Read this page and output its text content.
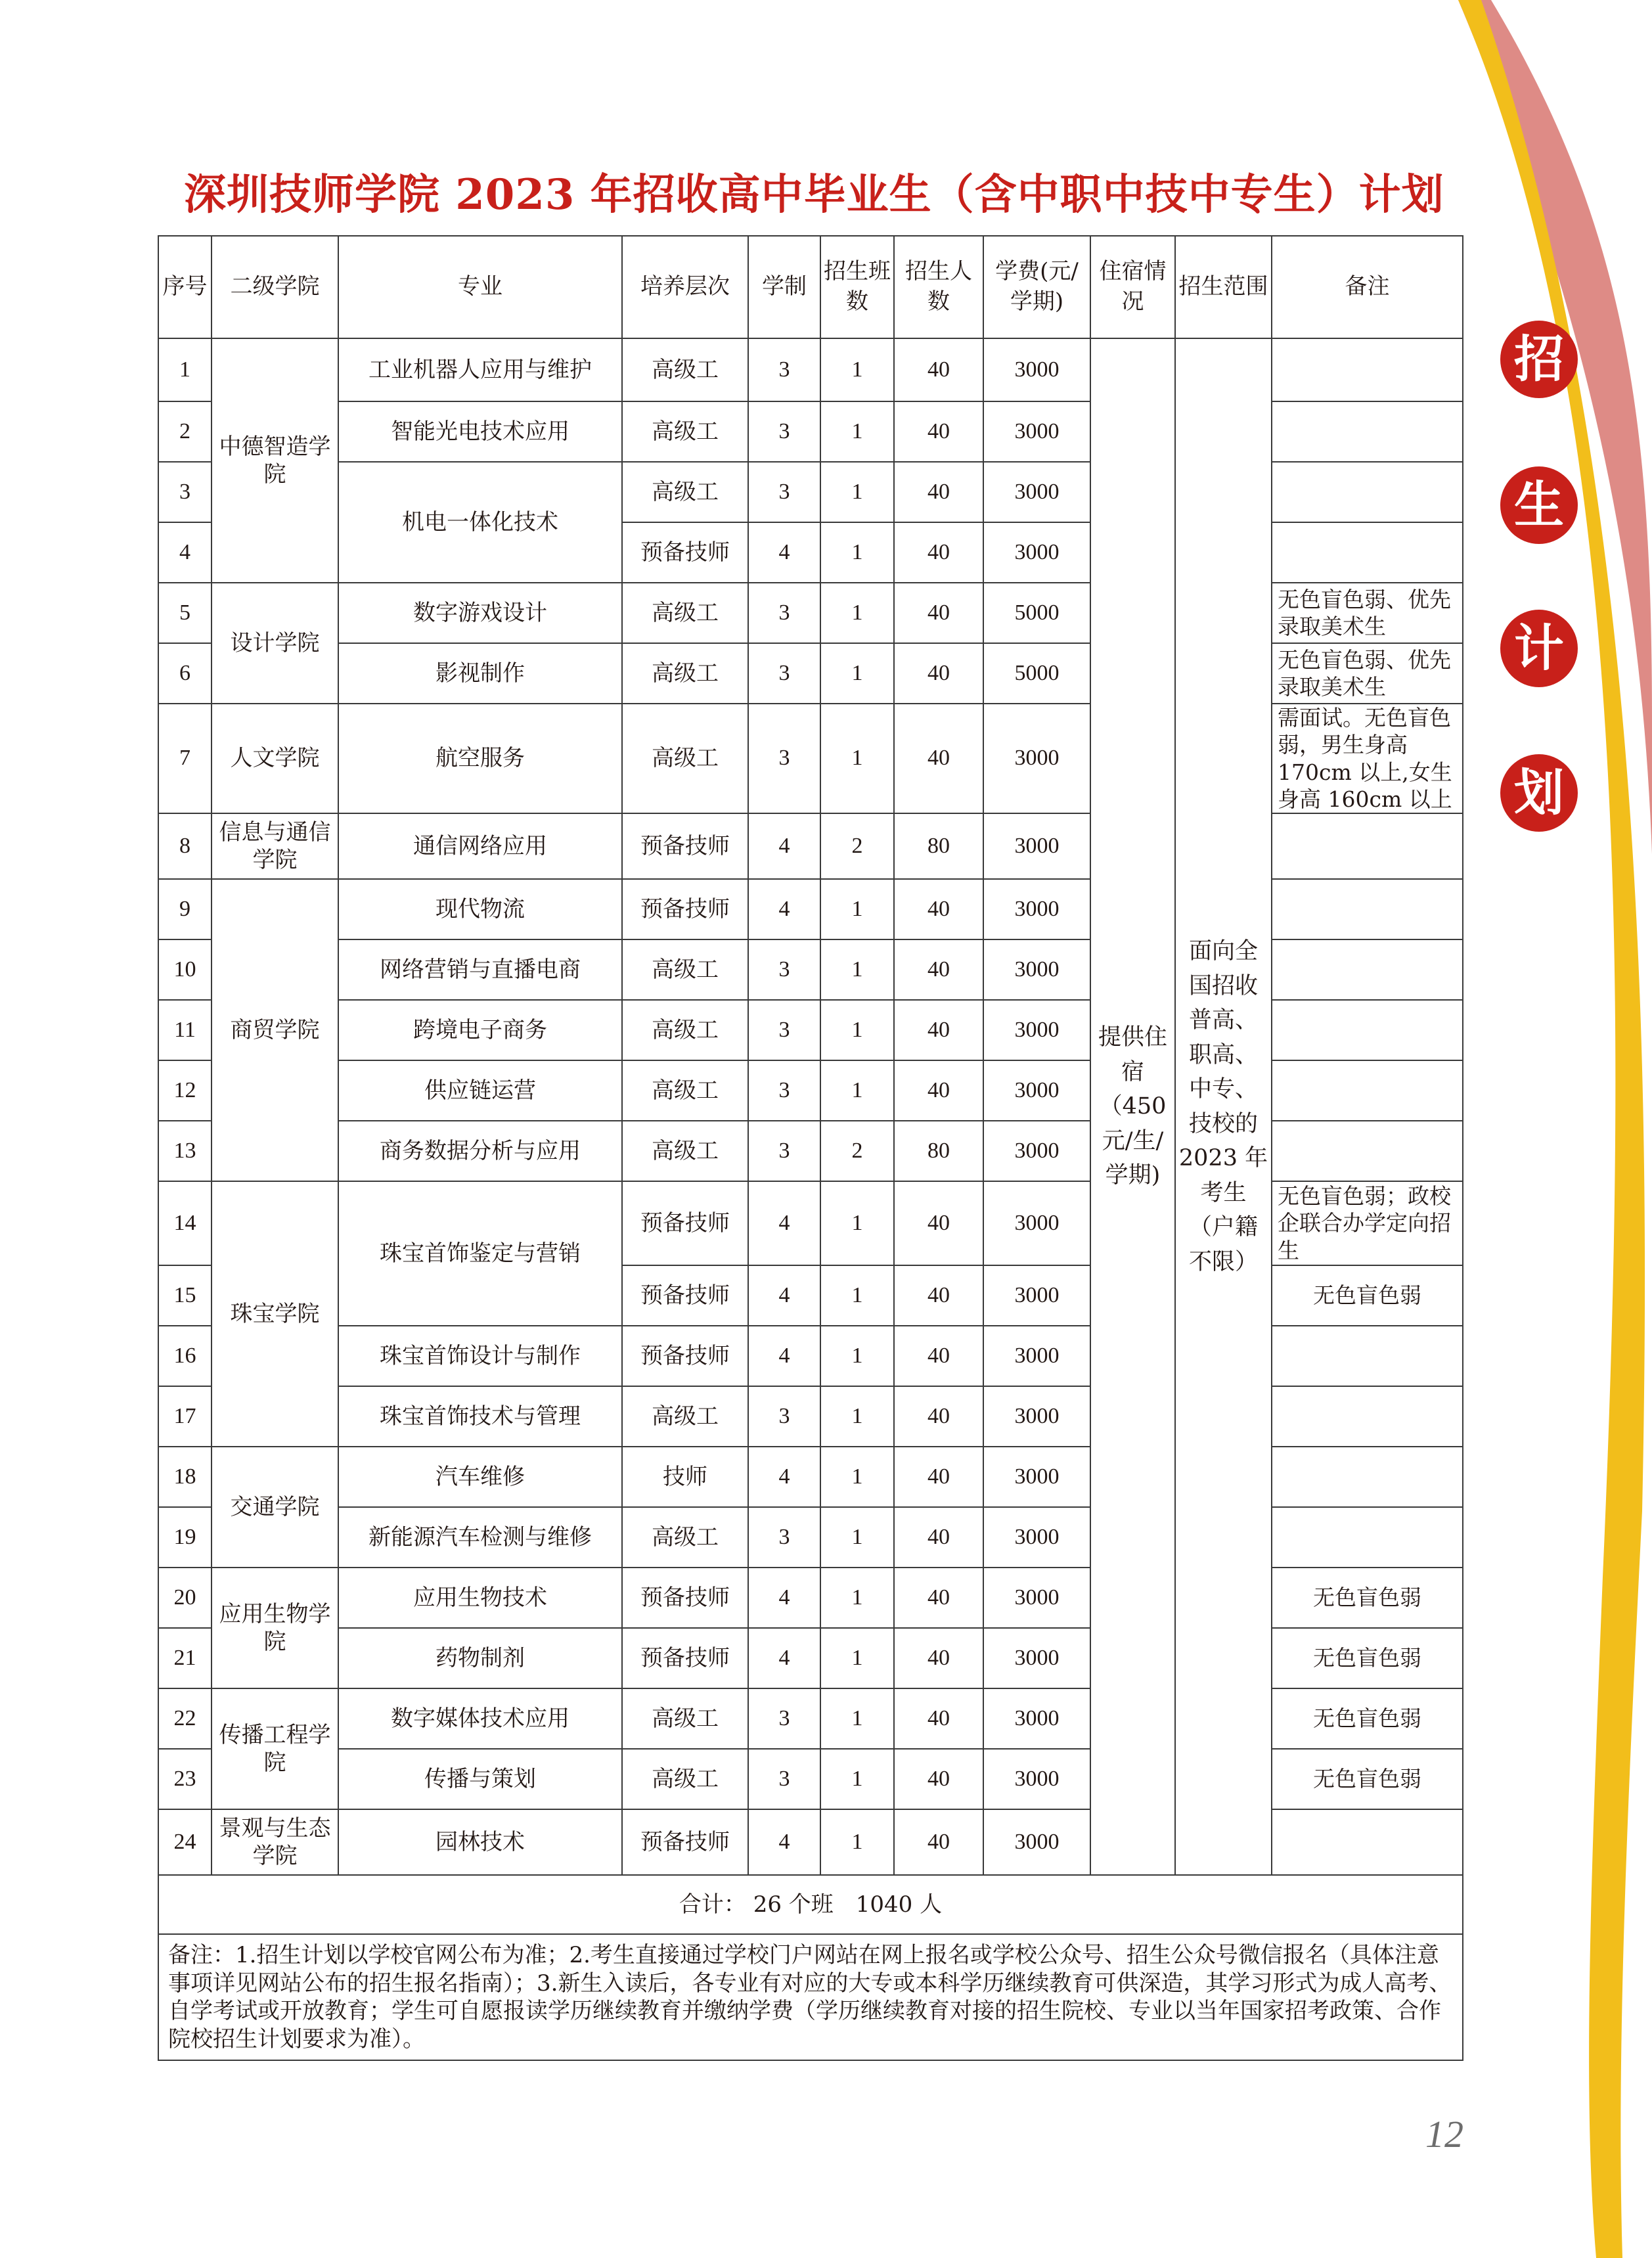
招
生
计
划
深圳技师学院 2023 年招收高中毕业生（含中职中技中专生）计划
序号	二级学院	专业	培养层次	学制	招生班数	招生人数	学费(元/学期)	住宿情况	招生范围	备注
1	中德智造学院	工业机器人应用与维护	高级工	3	1	40	3000	提供住宿（450 元/生/学期)	面向全国招收普高、职高、中专、技校的 2023 年考生（户籍不限）	
2		智能光电技术应用	高级工	3	1	40	3000			
3		机电一体化技术	高级工	3	1	40	3000			
4			预备技师	4	1	40	3000			
5	设计学院	数字游戏设计	高级工	3	1	40	5000			无色盲色弱、优先录取美术生
6		影视制作	高级工	3	1	40	5000			无色盲色弱、优先录取美术生
7	人文学院	航空服务	高级工	3	1	40	3000			需面试。无色盲色弱，男生身高170cm 以上,女生身高 160cm 以上
8	信息与通信学院	通信网络应用	预备技师	4	2	80	3000			
9	商贸学院	现代物流	预备技师	4	1	40	3000			
10		网络营销与直播电商	高级工	3	1	40	3000			
11		跨境电子商务	高级工	3	1	40	3000			
12		供应链运营	高级工	3	1	40	3000			
13		商务数据分析与应用	高级工	3	2	80	3000			
14	珠宝学院	珠宝首饰鉴定与营销	预备技师	4	1	40	3000			无色盲色弱；政校企联合办学定向招生
15			预备技师	4	1	40	3000			无色盲色弱
16		珠宝首饰设计与制作	预备技师	4	1	40	3000			
17		珠宝首饰技术与管理	高级工	3	1	40	3000			
18	交通学院	汽车维修	技师	4	1	40	3000			
19		新能源汽车检测与维修	高级工	3	1	40	3000			
20	应用生物学院	应用生物技术	预备技师	4	1	40	3000			无色盲色弱
21		药物制剂	预备技师	4	1	40	3000			无色盲色弱
22	传播工程学院	数字媒体技术应用	高级工	3	1	40	3000			无色盲色弱
23		传播与策划	高级工	3	1	40	3000			无色盲色弱
24	景观与生态学院	园林技术	预备技师	4	1	40	3000			
合计： 26 个班　1040 人										
备注：1.招生计划以学校官网公布为准；2.考生直接通过学校门户网站在网上报名或学校公众号、招生公众号微信报名（具体注意事项详见网站公布的招生报名指南）；3.新生入读后，各专业有对应的大专或本科学历继续教育可供深造，其学习形式为成人高考、自学考试或开放教育；学生可自愿报读学历继续教育并缴纳学费（学历继续教育对接的招生院校、专业以当年国家招考政策、合作院校招生计划要求为准）。										
12
